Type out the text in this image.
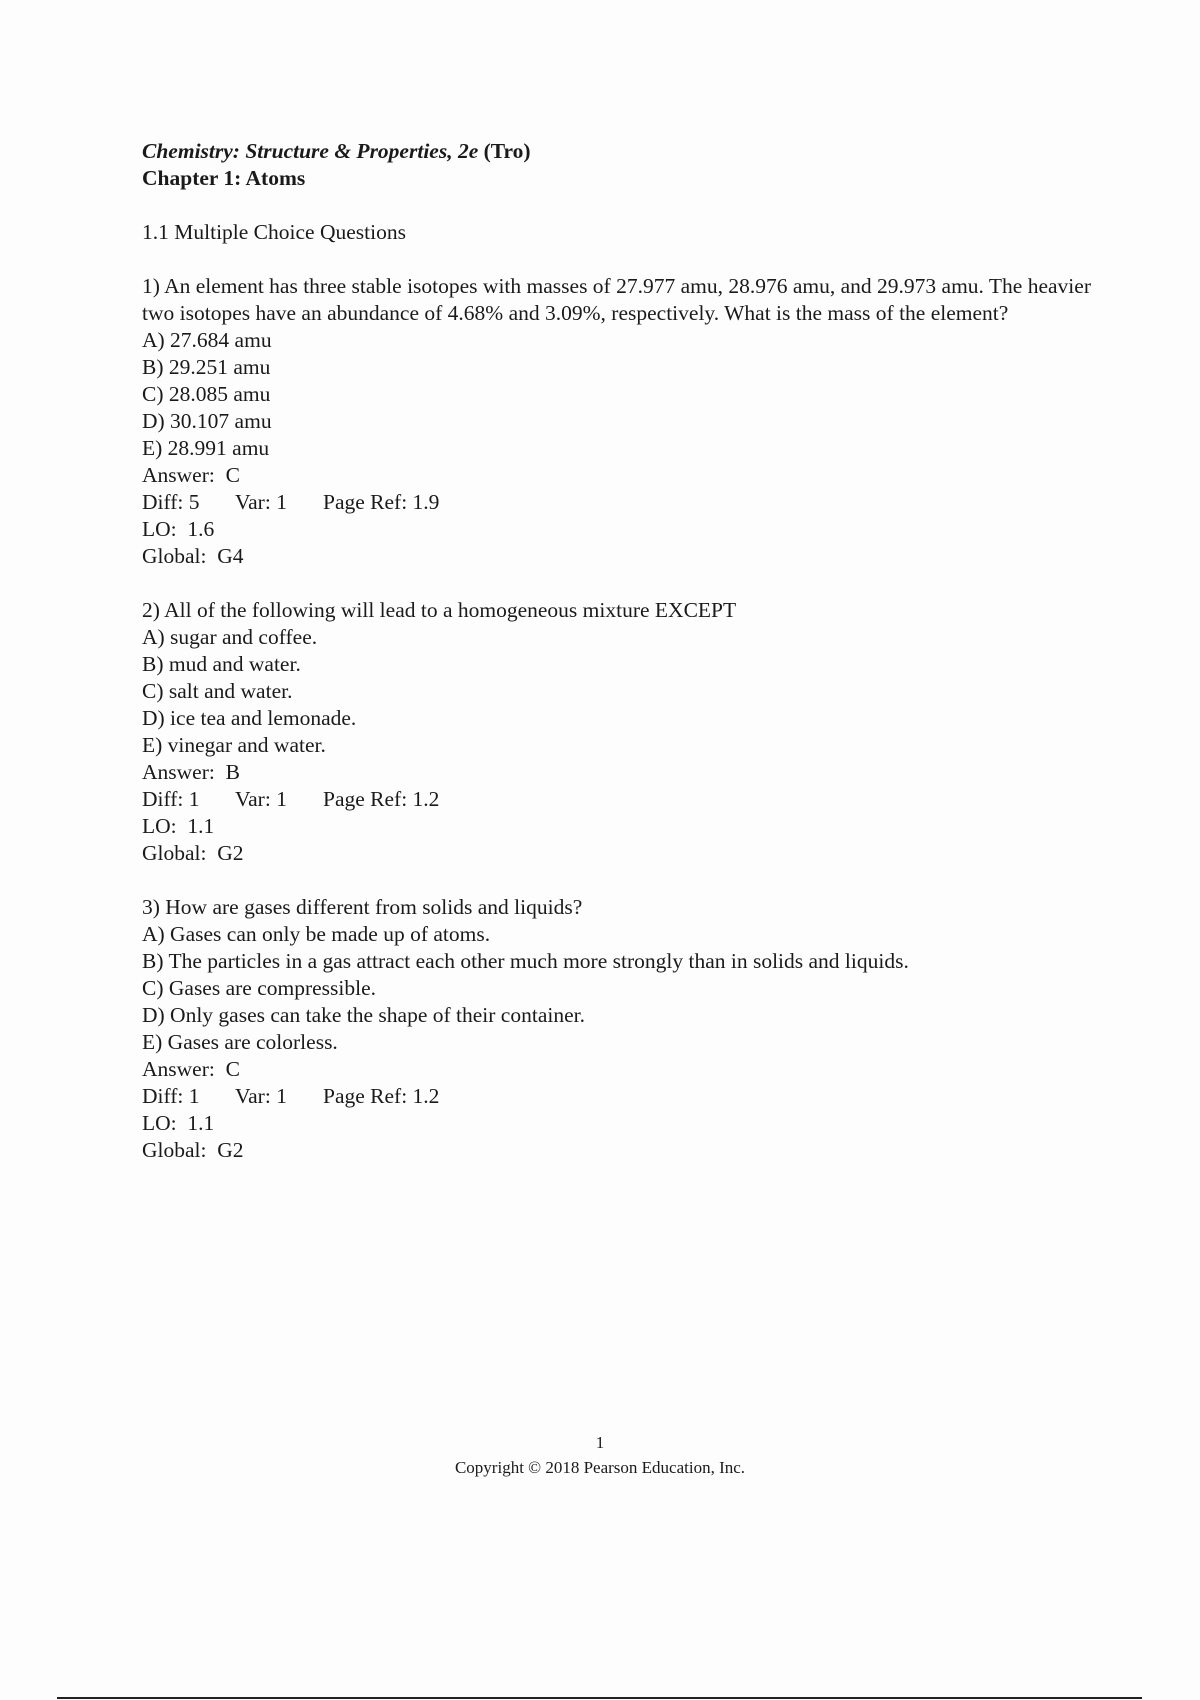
Chemistry: Structure & Properties, 2e (Tro)

Chapter 1: Atoms

1.1 Multiple Choice Questions

1) An element has three stable isotopes with masses of 27.977 amu, 28.976 amu, and 29.973 amu. The heavier two isotopes have an abundance of 4.68% and 3.09%, respectively. What is the mass of the element?

A) 27.684 amu
B) 29.251 amu
C) 28.085 amu
D) 30.107 amu
E) 28.991 amu

Answer:  C

Diff: 5	Var: 1	Page Ref: 1.9

LO:  1.6

Global:  G4

2) All of the following will lead to a homogeneous mixture EXCEPT

A) sugar and coffee.
B) mud and water.
C) salt and water.
D) ice tea and lemonade.
E) vinegar and water.

Answer:  B

Diff: 1	Var: 1	Page Ref: 1.2

LO:  1.1

Global:  G2

3) How are gases different from solids and liquids?

A) Gases can only be made up of atoms.
B) The particles in a gas attract each other much more strongly than in solids and liquids.
C) Gases are compressible.
D) Only gases can take the shape of their container.
E) Gases are colorless.

Answer:  C

Diff: 1	Var: 1	Page Ref: 1.2

LO:  1.1

Global:  G2

1
Copyright © 2018 Pearson Education, Inc.
